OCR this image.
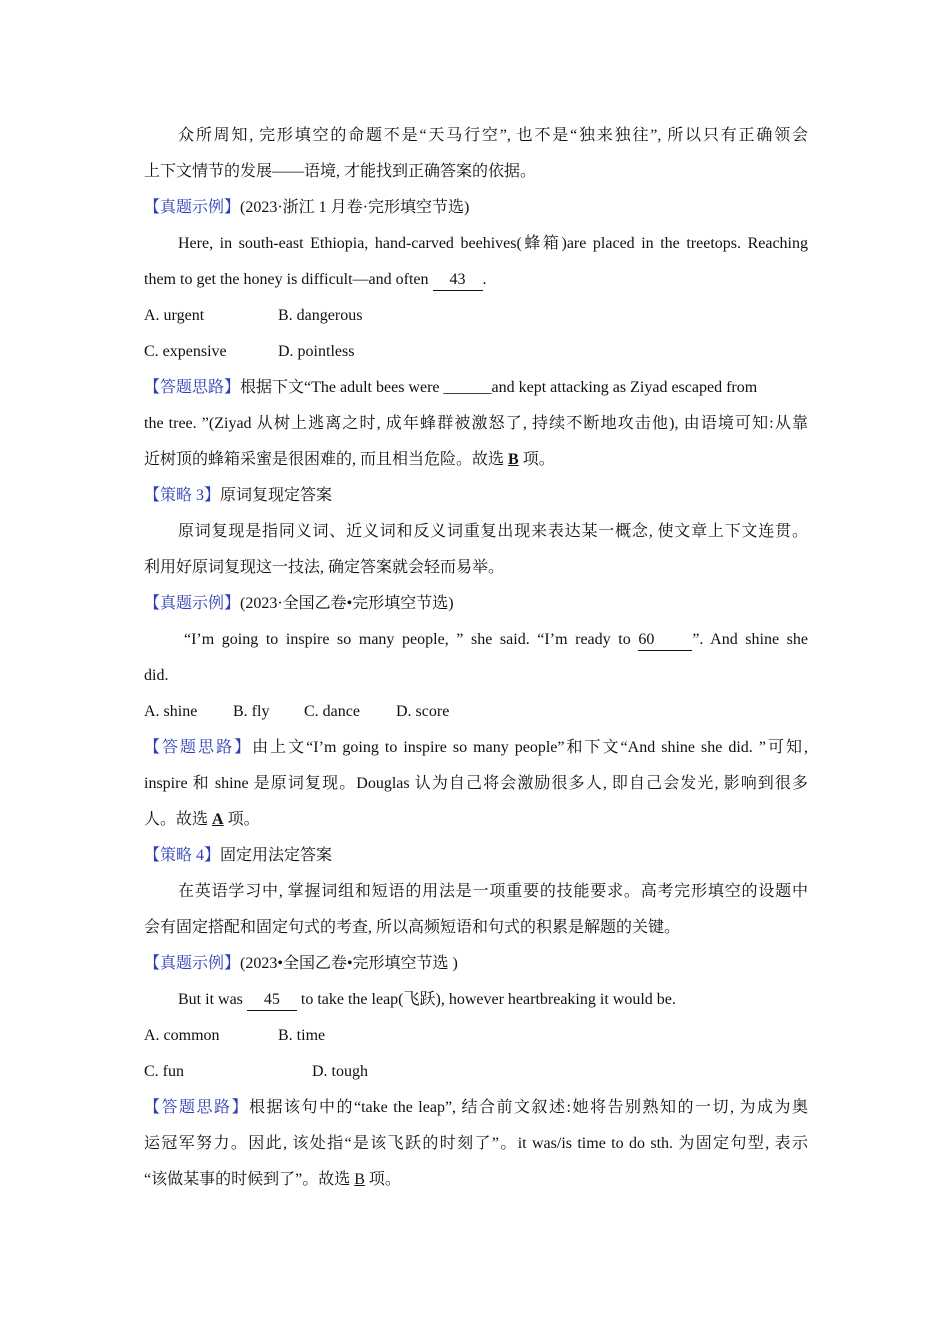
众所周知, 完形填空的命题不是“天马行空”, 也不是“独来独往”, 所以只有正确领会
上下文情节的发展——语境, 才能找到正确答案的依据。
【真题示例】(2023·浙江 1 月卷·完形填空节选)
Here, in south-east Ethiopia, hand-carved beehives(蜂箱)are placed in the treetops. Reaching
them to get the honey is difficult—and often 43 .
A. urgent	B. dangerous
C. expensive	D. pointless
【答题思路】根据下文“The adult bees were ______and kept attacking as Ziyad escaped from
the tree. ”(Ziyad 从树上逃离之时, 成年蜂群被激怒了, 持续不断地攻击他), 由语境可知:从靠
近树顶的蜂箱采蜜是很困难的, 而且相当危险。故选 B 项。
【策略 3】原词复现定答案
原词复现是指同义词、近义词和反义词重复出现来表达某一概念, 使文章上下文连贯。
利用好原词复现这一技法, 确定答案就会轻而易举。
【真题示例】(2023·全国乙卷•完形填空节选)
“I’m going to inspire so many people, ” she said. “I’m ready to 60 ”. And shine she
did.
A. shine B. fly C. dance D. score
【答题思路】由上文“I’m going to inspire so many people”和下文“And shine she did. ”可知,
inspire 和 shine 是原词复现。Douglas 认为自己将会激励很多人, 即自己会发光, 影响到很多
人。故选 A 项。
【策略 4】固定用法定答案
在英语学习中, 掌握词组和短语的用法是一项重要的技能要求。高考完形填空的设题中
会有固定搭配和固定句式的考查, 所以高频短语和句式的积累是解题的关键。
【真题示例】(2023•全国乙卷•完形填空节选 )
But it was 45 to take the leap(飞跃), however heartbreaking it would be.
A. common	B. time
C. fun	D. tough
【答题思路】根据该句中的“take the leap”, 结合前文叙述:她将告别熟知的一切, 为成为奥
运冠军努力。因此, 该处指“是该飞跃的时刻了”。it was/is time to do sth. 为固定句型, 表示
“该做某事的时候到了”。故选 B 项。
